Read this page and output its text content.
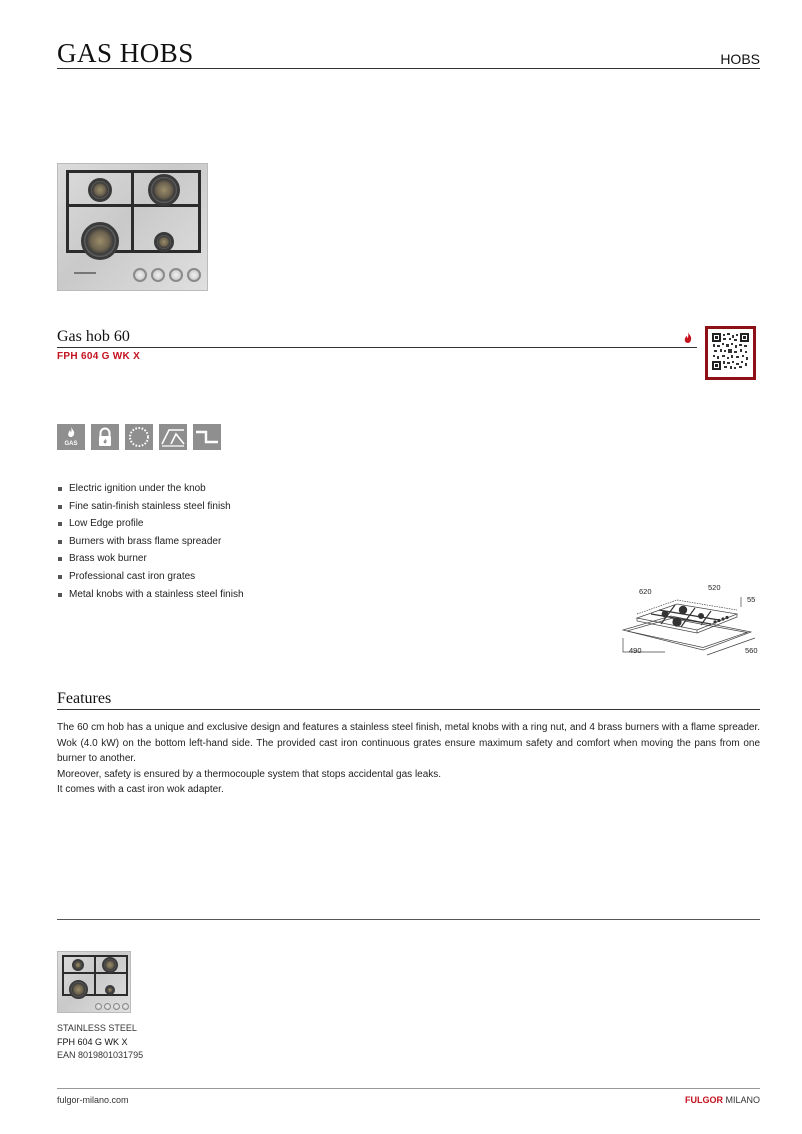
GAS HOBS	HOBS
Gas hob 60
FPH 604 G WK X
GAS
Electric ignition under the knob
Fine satin-finish stainless steel finish
Low Edge profile
Burners with brass flame spreader
Brass wok burner
Professional cast iron grates
Metal knobs with a stainless steel finish	620	520
55
490	560
Features

The 60 cm hob has a unique and exclusive design and features a stainless steel finish, metal knobs with a ring nut, and 4 brass burners with a flame spreader. Wok (4.0 kW) on the bottom left-hand side. The provided cast iron continuous grates ensure maximum safety and comfort when moving the pans from one burner to another.

Moreover, safety is ensured by a thermocouple system that stops accidental gas leaks.

It comes with a cast iron wok adapter.

STAINLESS STEEL
FPH 604 G WK X
EAN 8019801031795
fulgor-milano.com	FULGOR MILANO
